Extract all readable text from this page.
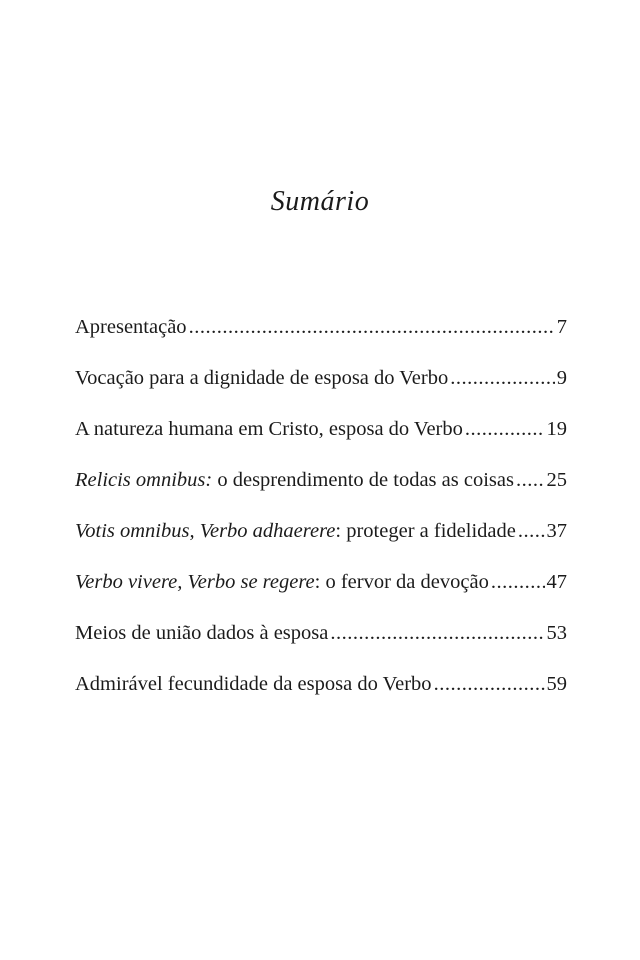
Sumário
Apresentação .....	7
Vocação para a dignidade de esposa do Verbo .....	9
A natureza humana em Cristo, esposa do Verbo .....	19
Relicis omnibus: o desprendimento de todas as coisas ..... 25
Votis omnibus, Verbo adhaerere: proteger a fidelidade ..... 37
Verbo vivere, Verbo se regere: o fervor da devoção .....	47
Meios de união dados à esposa .....	53
Admirável fecundidade da esposa do Verbo .....	59
